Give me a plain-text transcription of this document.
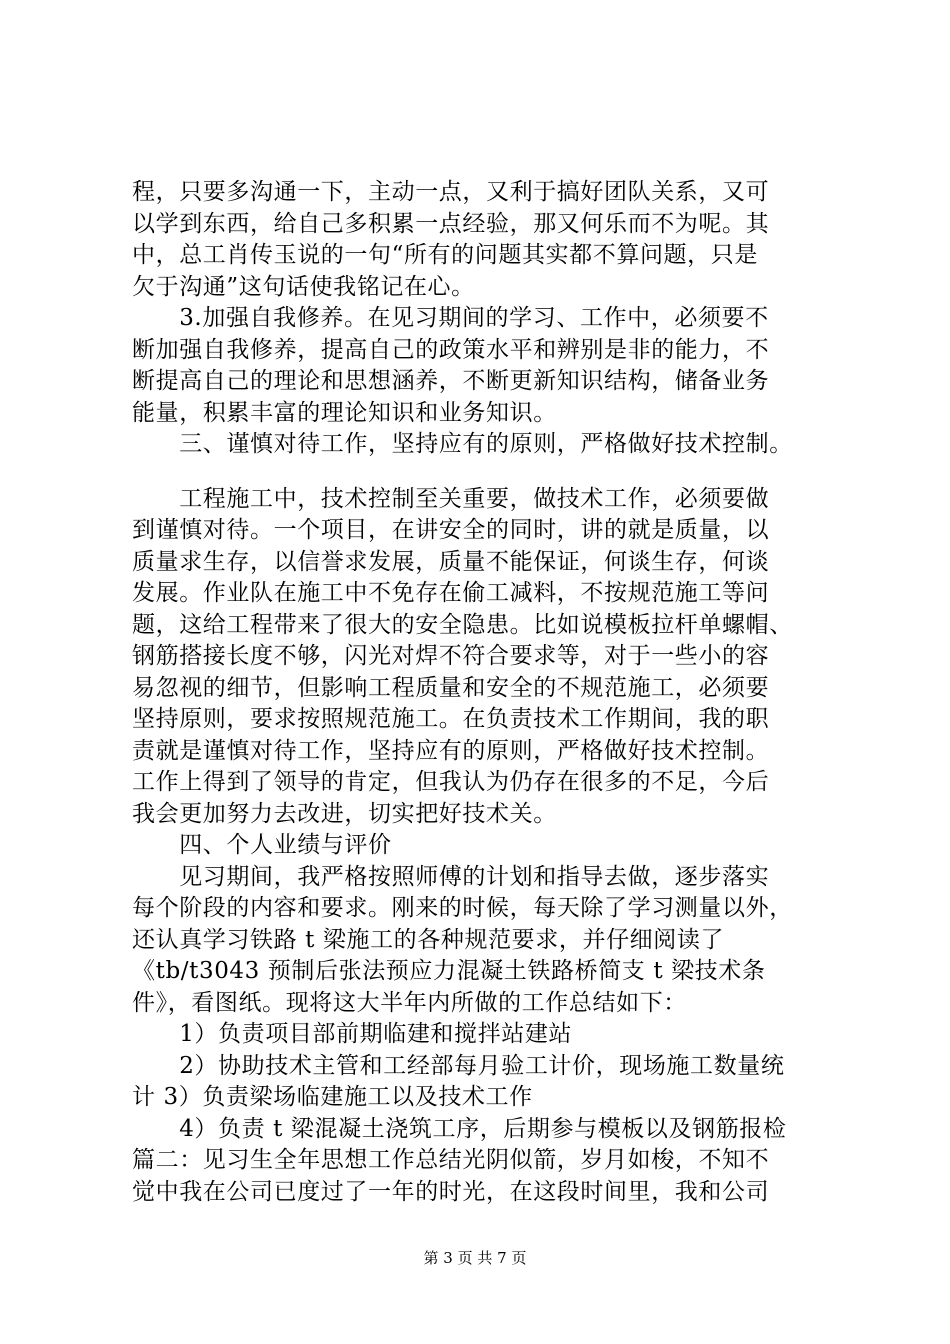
程，只要多沟通一下，主动一点，又利于搞好团队关系，又可
以学到东西，给自己多积累一点经验，那又何乐而不为呢。其
中，总工肖传玉说的一句“所有的问题其实都不算问题，只是
欠于沟通”这句话使我铭记在心。
　　3.加强自我修养。在见习期间的学习、工作中，必须要不
断加强自我修养，提高自己的政策水平和辨别是非的能力，不
断提高自己的理论和思想涵养，不断更新知识结构，储备业务
能量，积累丰富的理论知识和业务知识。
　　三、谨慎对待工作，坚持应有的原则，严格做好技术控制。
　　工程施工中，技术控制至关重要，做技术工作，必须要做
到谨慎对待。一个项目，在讲安全的同时，讲的就是质量，以
质量求生存，以信誉求发展，质量不能保证，何谈生存，何谈
发展。作业队在施工中不免存在偷工减料，不按规范施工等问
题，这给工程带来了很大的安全隐患。比如说模板拉杆单螺帽、
钢筋搭接长度不够，闪光对焊不符合要求等，对于一些小的容
易忽视的细节，但影响工程质量和安全的不规范施工，必须要
坚持原则，要求按照规范施工。在负责技术工作期间，我的职
责就是谨慎对待工作，坚持应有的原则，严格做好技术控制。
工作上得到了领导的肯定，但我认为仍存在很多的不足，今后
我会更加努力去改进，切实把好技术关。
　　四、个人业绩与评价
　　见习期间，我严格按照师傅的计划和指导去做，逐步落实
每个阶段的内容和要求。刚来的时候，每天除了学习测量以外，
还认真学习铁路 t 梁施工的各种规范要求，并仔细阅读了
《tb/t3043 预制后张法预应力混凝土铁路桥简支 t 梁技术条
件》，看图纸。现将这大半年内所做的工作总结如下：
　　1）负责项目部前期临建和搅拌站建站
　　2）协助技术主管和工经部每月验工计价，现场施工数量统
计 3）负责梁场临建施工以及技术工作
　　4）负责 t 梁混凝土浇筑工序，后期参与模板以及钢筋报检
篇二：见习生全年思想工作总结光阴似箭，岁月如梭，不知不
觉中我在公司已度过了一年的时光，在这段时间里，我和公司
第 3 页 共 7 页
